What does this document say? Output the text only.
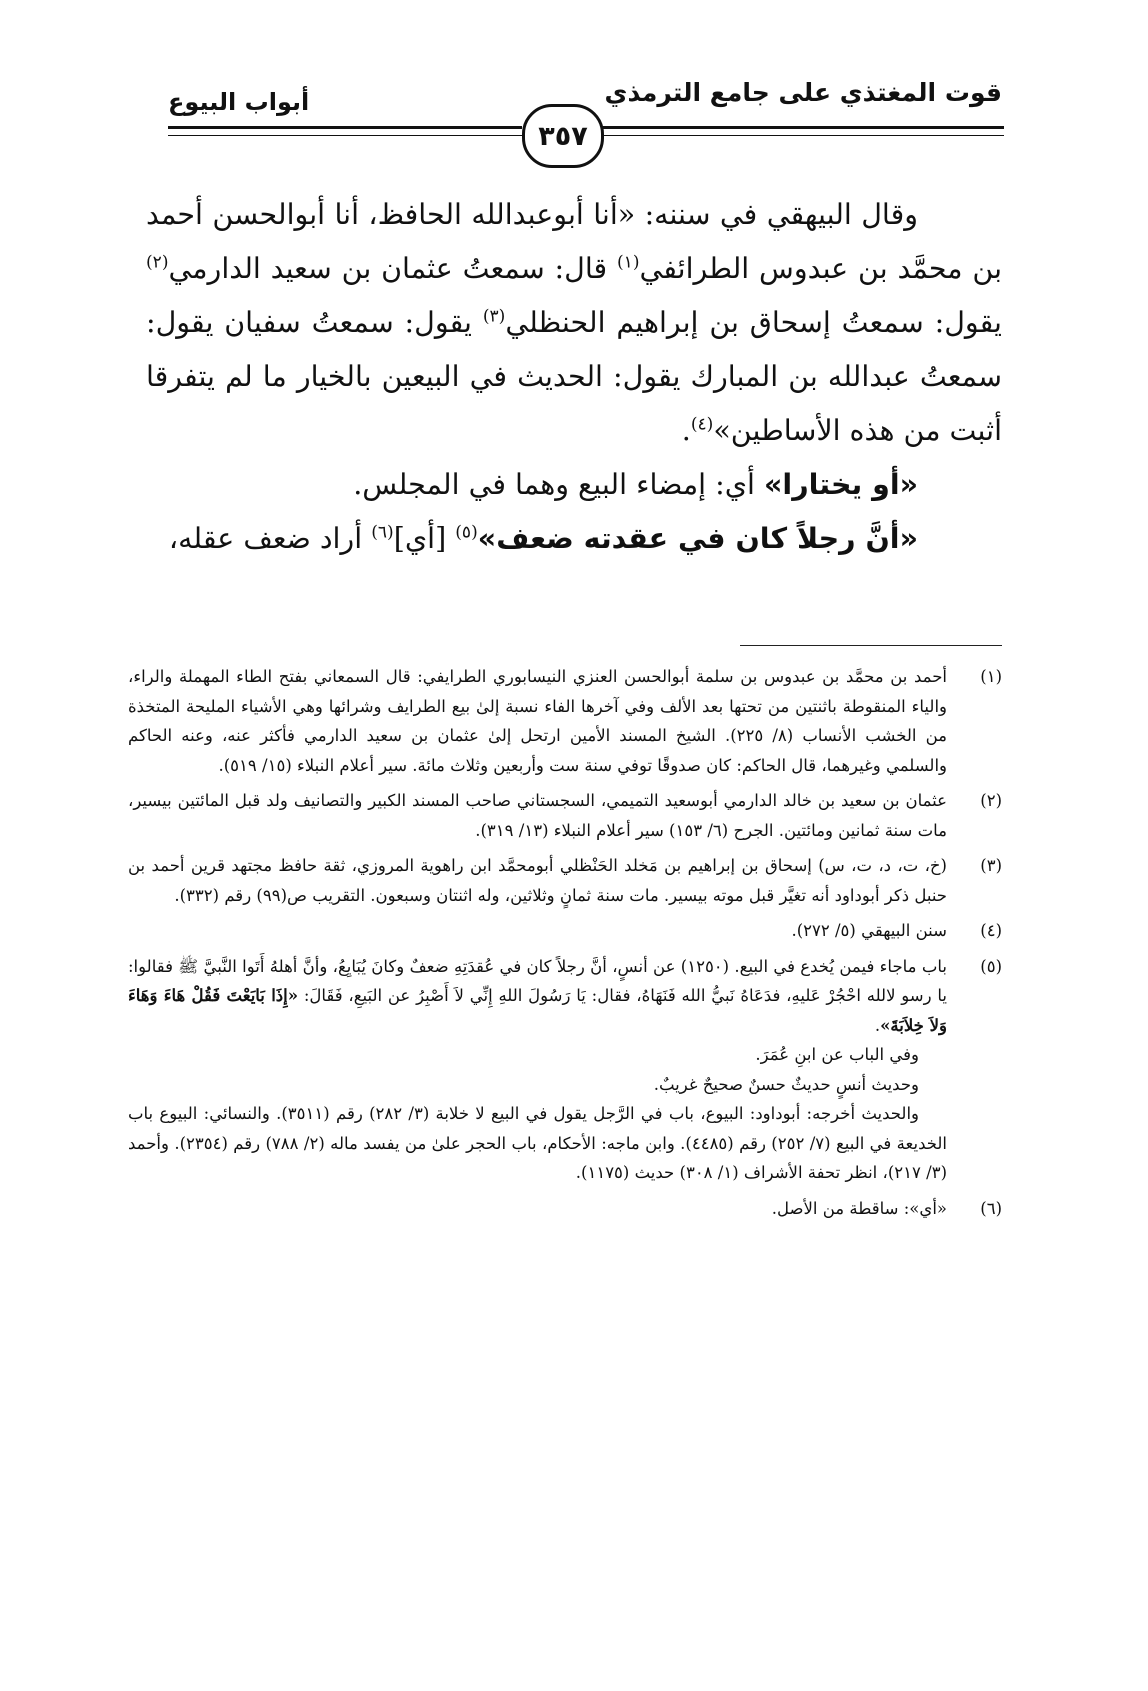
قوت المغتذي على جامع الترمذي
أبواب البيوع
٣٥٧

وقال البيهقي في سننه: «أنا أبوعبدالله الحافظ، أنا أبوالحسن أحمد بن محمَّد بن عبدوس الطرائفي$^{(١)}$ قال: سمعتُ عثمان بن سعيد الدارمي$^{(٢)}$ يقول: سمعتُ إسحاق بن إبراهيم الحنظلي$^{(٣)}$ يقول: سمعتُ سفيان يقول: سمعتُ عبدالله بن المبارك يقول: الحديث في البيعين بالخيار ما لم يتفرقا أثبت من هذه الأساطين»$^{(٤)}$.

«أو يختارا» أي: إمضاء البيع وهما في المجلس.

«أنَّ رجلاً كان في عقدته ضعف»$^{(٥)}$ [أي]$^{(٦)}$ أراد ضعف عقله،

(١)
أحمد بن محمَّد بن عبدوس بن سلمة أبوالحسن العنزي النيسابوري الطرايفي: قال السمعاني بفتح الطاء المهملة والراء، والياء المنقوطة باثنتين من تحتها بعد الألف وفي آخرها الفاء نسبة إلىٰ بيع الطرايف وشرائها وهي الأشياء المليحة المتخذة من الخشب الأنساب (٨/ ٢٢٥). الشيخ المسند الأمين ارتحل إلىٰ عثمان بن سعيد الدارمي فأكثر عنه، وعنه الحاكم والسلمي وغيرهما، قال الحاكم: كان صدوقًا توفي سنة ست وأربعين وثلاث مائة. سير أعلام النبلاء (١٥/ ٥١٩).
(٢)
عثمان بن سعيد بن خالد الدارمي أبوسعيد التميمي، السجستاني صاحب المسند الكبير والتصانيف ولد قبل المائتين بيسير، مات سنة ثمانين ومائتين. الجرح (٦/ ١٥٣) سير أعلام النبلاء (١٣/ ٣١٩).
(٣)
(خ، ت، د، ت، س) إسحاق بن إبراهيم بن مَخلد الحَنْظلي أبومحمَّد ابن راهوية المروزي، ثقة حافظ مجتهد قرين أحمد بن حنبل ذكر أبوداود أنه تغيَّر قبل موته بيسير. مات سنة ثمانٍ وثلاثين، وله اثنتان وسبعون. التقريب ص(٩٩) رقم (٣٣٢).
(٤)
سنن البيهقي (٥/ ٢٧٢).
(٥)
باب ماجاء فيمن يُخدع في البيع. (١٢٥٠) عن أنسٍ، أنَّ رجلاً كان في عُقدَتِهِ ضعفٌ وكانَ يُبَايِعُ، وأنَّ أهلهُ أَتَوا النَّبيَّ ﷺ فقالوا: يا رسو لالله احْجُرْ عَليهِ، فدَعَاهُ نَبيُّ الله فَنَهَاهُ، فقال: يَا رَسُولَ اللهِ إِنِّي لاَ أَصْبِرُ عن البَيعِ، فَقَالَ: «إِذَا بَايَعْتَ فَقُلْ هَاءَ وَهَاءَ وَلاَ خِلاَبَةَ».
وفي الباب عن ابنِ عُمَرَ.
وحديث أنسٍ حديثٌ حسنٌ صحيحٌ غريبٌ.
والحديث أخرجه: أبوداود: البيوع، باب في الرَّجل يقول في البيع لا خلابة (٣/ ٢٨٢) رقم (٣٥١١). والنسائي: البيوع باب الخديعة في البيع (٧/ ٢٥٢) رقم (٤٤٨٥). وابن ماجه: الأحكام، باب الحجر علىٰ من يفسد ماله (٢/ ٧٨٨) رقم (٢٣٥٤). وأحمد (٣/ ٢١٧)، انظر تحفة الأشراف (١/ ٣٠٨) حديث (١١٧٥).
(٦)
«أي»: ساقطة من الأصل.
